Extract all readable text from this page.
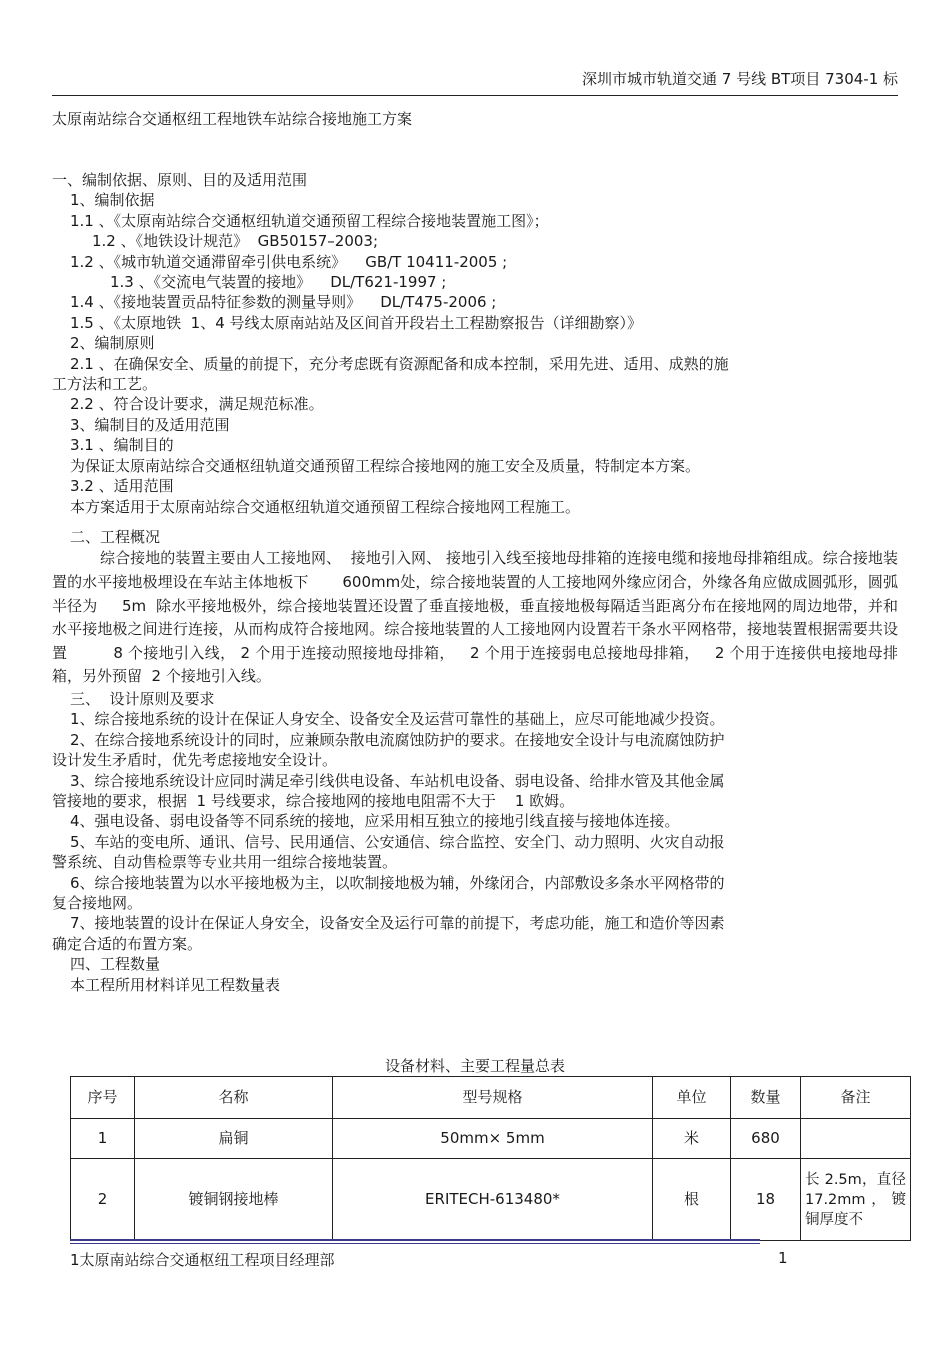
深圳市城市轨道交通 7 号线 BT项目 7304-1 标
太原南站综合交通枢纽工程地铁车站综合接地施工方案

一、编制依据、原则、目的及适用范围

1、编制依据

1.1 、《太原南站综合交通枢纽轨道交通预留工程综合接地装置施工图》；

1.2 、《地铁设计规范》  GB50157–2003;

1.2 、《城市轨道交通滞留牵引供电系统》    GB/T 10411-2005 ;

1.3 、《交流电气装置的接地》    DL/T621-1997 ;

1.4 、《接地装置贡品特征参数的测量导则》    DL/T475-2006 ;

1.5 、《太原地铁  1、4 号线太原南站站及区间首开段岩土工程勘察报告（详细勘察）》

2、编制原则

2.1 、在确保安全、质量的前提下，充分考虑既有资源配备和成本控制，采用先进、适用、成熟的施

工方法和工艺。

2.2 、符合设计要求，满足规范标准。

3、编制目的及适用范围

3.1 、编制目的

为保证太原南站综合交通枢纽轨道交通预留工程综合接地网的施工安全及质量，特制定本方案。

3.2 、适用范围

本方案适用于太原南站综合交通枢纽轨道交通预留工程综合接地网工程施工。

二、工程概况

综合接地的装置主要由人工接地网、  接地引入网、 接地引入线至接地母排箱的连接电缆和接地母排箱组成。综合接地装置的水平接地极埋设在车站主体地板下       600mm处，综合接地装置的人工接地网外缘应闭合，外缘各角应做成圆弧形，圆弧半径为     5m  除水平接地极外，综合接地装置还设置了垂直接地极，垂直接地极每隔适当距离分布在接地网的周边地带，并和水平接地极之间进行连接，从而构成符合接地网。综合接地装置的人工接地网内设置若干条水平网格带，接地装置根据需要共设置         8 个接地引入线， 2 个用于连接动照接地母排箱，   2 个用于连接弱电总接地母排箱，   2 个用于连接供电接地母排箱，另外预留  2 个接地引入线。

三、  设计原则及要求

1、综合接地系统的设计在保证人身安全、设备安全及运营可靠性的基础上，应尽可能地减少投资。

2、在综合接地系统设计的同时，应兼顾杂散电流腐蚀防护的要求。在接地安全设计与电流腐蚀防护

设计发生矛盾时，优先考虑接地安全设计。

3、综合接地系统设计应同时满足牵引线供电设备、车站机电设备、弱电设备、给排水管及其他金属

管接地的要求，根据  1 号线要求，综合接地网的接地电阻需不大于    1 欧姆。

4、强电设备、弱电设备等不同系统的接地，应采用相互独立的接地引线直接与接地体连接。

5、车站的变电所、通讯、信号、民用通信、公安通信、综合监控、安全门、动力照明、火灾自动报

警系统、自动售检票等专业共用一组综合接地装置。

6、综合接地装置为以水平接地极为主，以吹制接地极为辅，外缘闭合，内部敷设多条水平网格带的

复合接地网。

7、接地装置的设计在保证人身安全，设备安全及运行可靠的前提下，考虑功能，施工和造价等因素

确定合适的布置方案。

四、工程数量

本工程所用材料详见工程数量表

设备材料、主要工程量总表
序号	名称	型号规格	单位	数量	备注
1	扁铜	50mm× 5mm	米	680	
2	镀铜钢接地棒	ERITECH-613480*	根	18	长 2.5m，直径 17.2mm，镀铜厚度不
1太原南站综合交通枢纽工程项目经理部	1
